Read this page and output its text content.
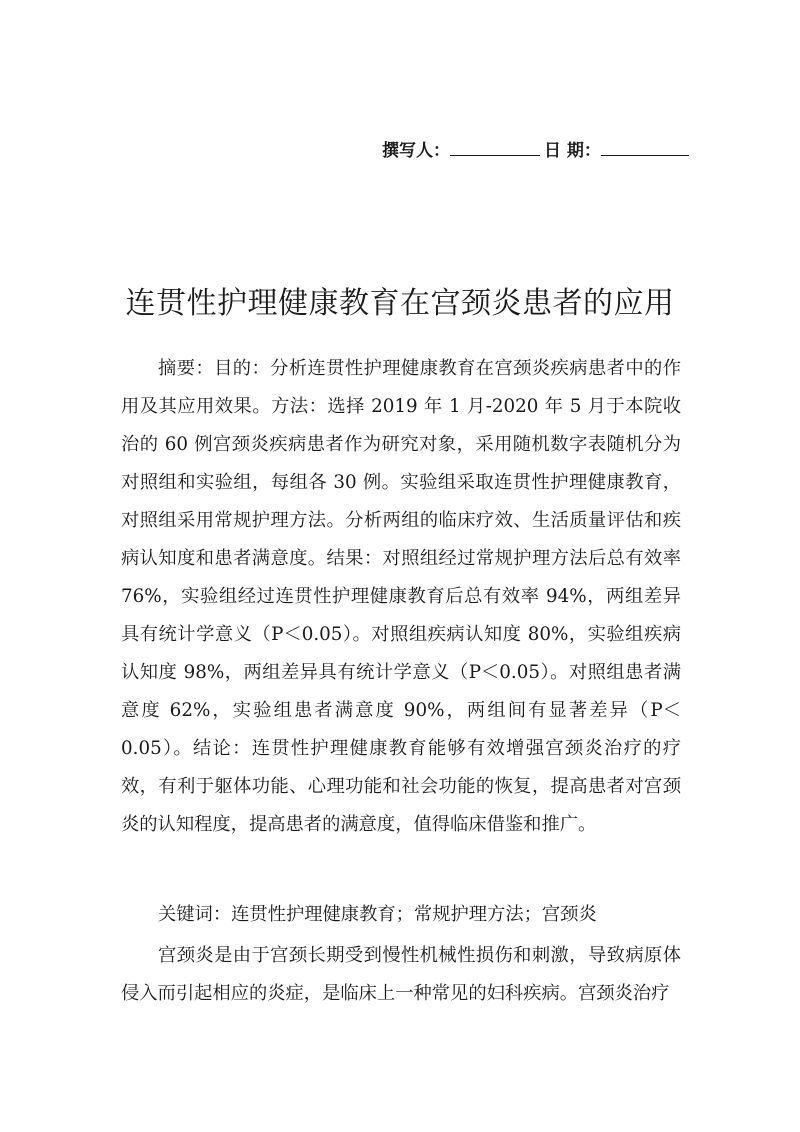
撰写人：	日 期：
连贯性护理健康教育在宫颈炎患者的应用

摘要：目的：分析连贯性护理健康教育在宫颈炎疾病患者中的作用及其应用效果。方法：选择 2019 年 1 月-2020 年 5 月于本院收治的 60 例宫颈炎疾病患者作为研究对象，采用随机数字表随机分为对照组和实验组，每组各 30 例。实验组采取连贯性护理健康教育，对照组采用常规护理方法。分析两组的临床疗效、生活质量评估和疾病认知度和患者满意度。结果：对照组经过常规护理方法后总有效率 76%，实验组经过连贯性护理健康教育后总有效率 94%，两组差异具有统计学意义（P＜0.05）。对照组疾病认知度 80%，实验组疾病认知度 98%，两组差异具有统计学意义（P＜0.05）。对照组患者满意度 62%，实验组患者满意度 90%，两组间有显著差异（P＜0.05）。结论：连贯性护理健康教育能够有效增强宫颈炎治疗的疗效，有利于躯体功能、心理功能和社会功能的恢复，提高患者对宫颈炎的认知程度，提高患者的满意度，值得临床借鉴和推广。

关键词：连贯性护理健康教育；常规护理方法；宫颈炎

宫颈炎是由于宫颈长期受到慢性机械性损伤和刺激，导致病原体侵入而引起相应的炎症，是临床上一种常见的妇科疾病。宫颈炎治疗
